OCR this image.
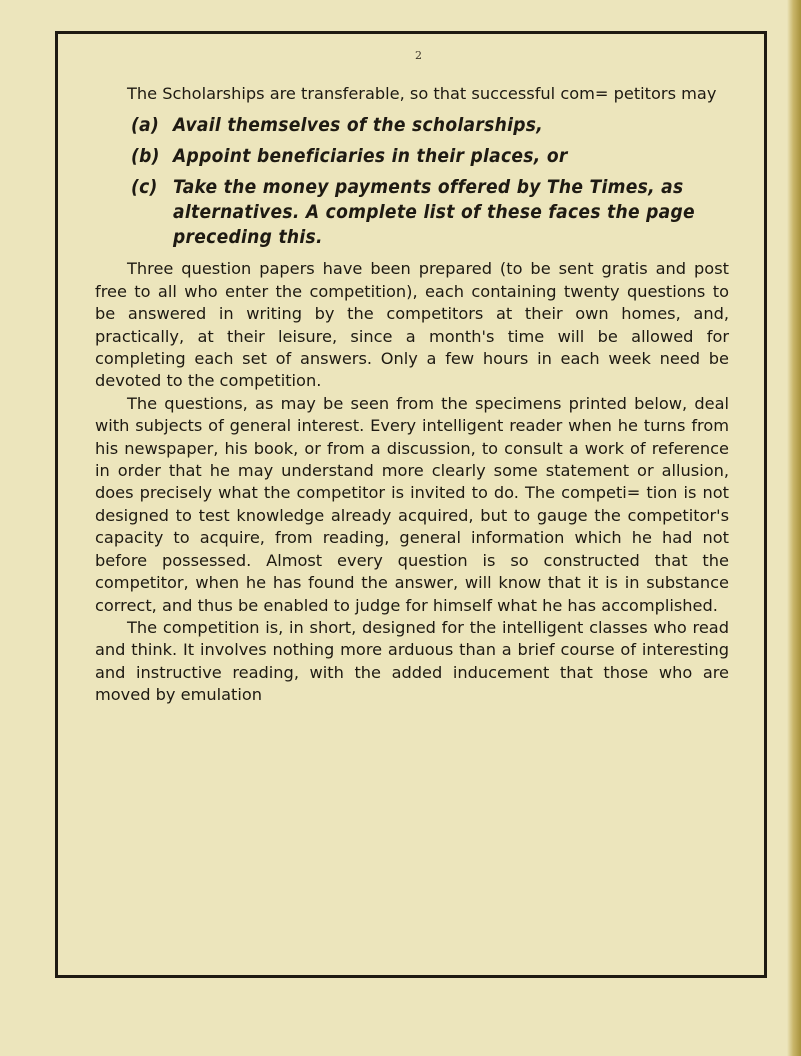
2

The Scholarships are transferable, so that successful com= petitors may

(a) Avail themselves of the scholarships,
(b) Appoint beneficiaries in their places, or
(c) Take the money payments offered by The Times, as alternatives. A complete list of these faces the page preceding this.

Three question papers have been prepared (to be sent gratis and post free to all who enter the competition), each containing twenty questions to be answered in writing by the competitors at their own homes, and, practically, at their leisure, since a month's time will be allowed for completing each set of answers. Only a few hours in each week need be devoted to the competition.

The questions, as may be seen from the specimens printed below, deal with subjects of general interest. Every intelligent reader when he turns from his newspaper, his book, or from a discussion, to consult a work of reference in order that he may understand more clearly some statement or allusion, does precisely what the competitor is invited to do. The competi= tion is not designed to test knowledge already acquired, but to gauge the competitor's capacity to acquire, from reading, general information which he had not before possessed. Almost every question is so constructed that the competitor, when he has found the answer, will know that it is in substance correct, and thus be enabled to judge for himself what he has accomplished.

The competition is, in short, designed for the intelligent classes who read and think. It involves nothing more arduous than a brief course of interesting and instructive reading, with the added inducement that those who are moved by emulation
